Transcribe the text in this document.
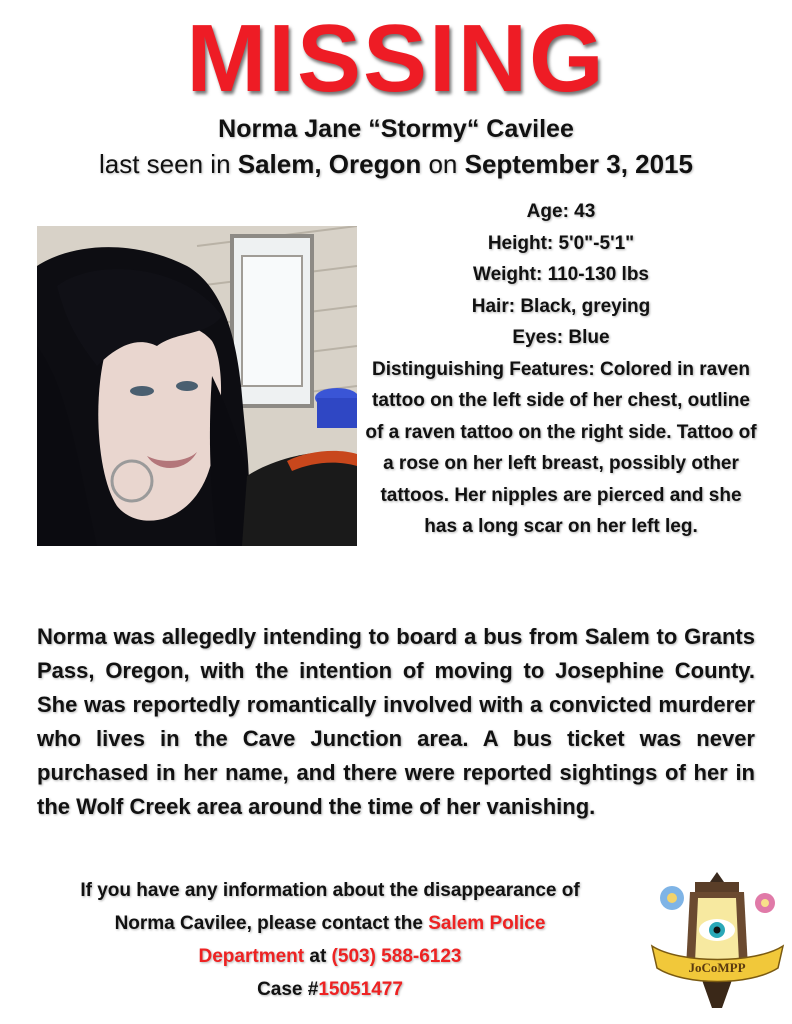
MISSING
Norma Jane “Stormy“ Cavilee
last seen in Salem, Oregon on September 3, 2015
Age: 43
Height: 5'0"-5'1"
Weight: 110-130 lbs
Hair: Black, greying
Eyes: Blue
Distinguishing Features: Colored in raven tattoo on the left side of her chest, outline of a raven tattoo on the right side. Tattoo of a rose on her left breast, possibly other tattoos. Her nipples are pierced and she has a long scar on her left leg.
Norma was allegedly intending to board a bus from Salem to Grants Pass, Oregon, with the intention of moving to Josephine County. She was reportedly romantically involved with a convicted murderer who lives in the Cave Junction area. A bus ticket was never purchased in her name, and there were reported sightings of her in the Wolf Creek area around the time of her vanishing.
If you have any information about the disappearance of
Norma Cavilee, please contact the Salem Police
Department at (503) 588-6123
Case #15051477
JoCoMPP
